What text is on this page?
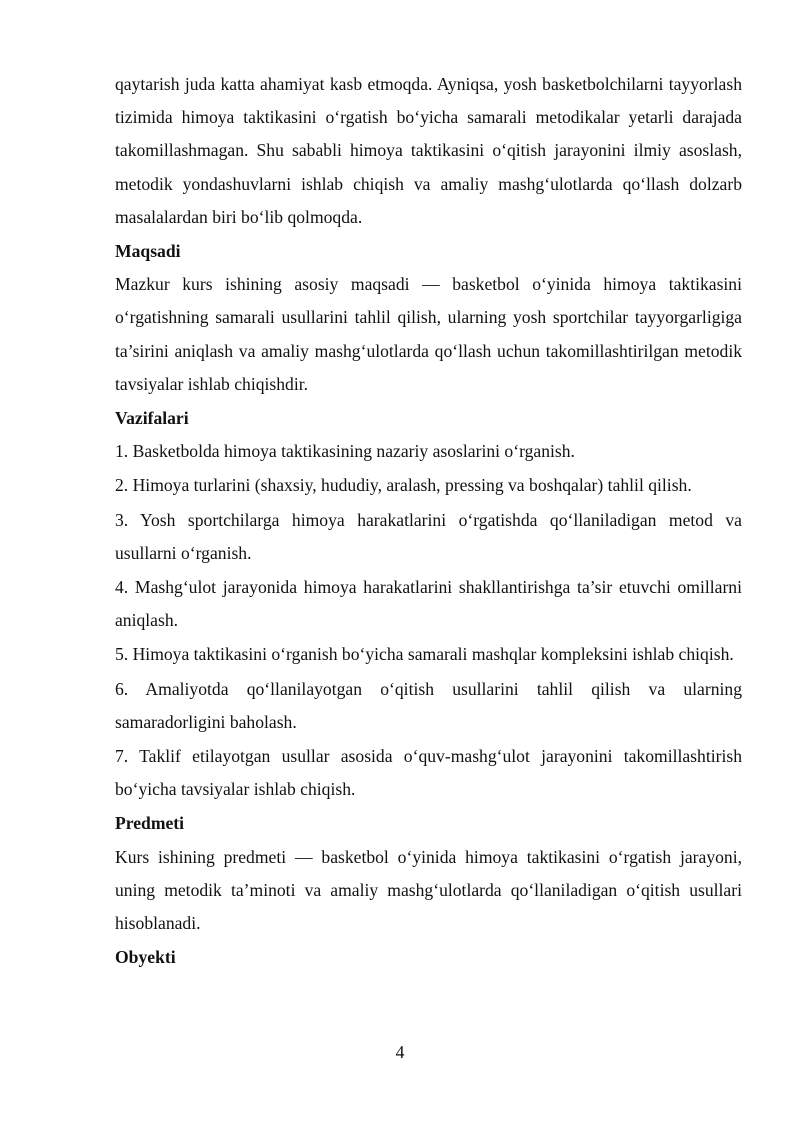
qaytarish juda katta ahamiyat kasb etmoqda. Ayniqsa, yosh basketbolchilarni tayyorlash tizimida himoya taktikasini o‘rgatish bo‘yicha samarali metodikalar yetarli darajada takomillashmagan. Shu sababli himoya taktikasini o‘qitish jarayonini ilmiy asoslash, metodik yondashuvlarni ishlab chiqish va amaliy mashg‘ulotlarda qo‘llash dolzarb masalalardan biri bo‘lib qolmoqda.

Maqsadi

Mazkur kurs ishining asosiy maqsadi — basketbol o‘yinida himoya taktikasini o‘rgatishning samarali usullarini tahlil qilish, ularning yosh sportchilar tayyorgarligiga ta’sirini aniqlash va amaliy mashg‘ulotlarda qo‘llash uchun takomillashtirilgan metodik tavsiyalar ishlab chiqishdir.

Vazifalari

1. Basketbolda himoya taktikasining nazariy asoslarini o‘rganish.

2. Himoya turlarini (shaxsiy, hududiy, aralash, pressing va boshqalar) tahlil qilish.

3. Yosh sportchilarga himoya harakatlarini o‘rgatishda qo‘llaniladigan metod va usullarni o‘rganish.

4. Mashg‘ulot jarayonida himoya harakatlarini shakllantirishga ta’sir etuvchi omillarni aniqlash.

5. Himoya taktikasini o‘rganish bo‘yicha samarali mashqlar kompleksini ishlab chiqish.

6. Amaliyotda qo‘llanilayotgan o‘qitish usullarini tahlil qilish va ularning samaradorligini baholash.

7. Taklif etilayotgan usullar asosida o‘quv-mashg‘ulot jarayonini takomillashtirish bo‘yicha tavsiyalar ishlab chiqish.

Predmeti

Kurs ishining predmeti — basketbol o‘yinida himoya taktikasini o‘rgatish jarayoni, uning metodik ta’minoti va amaliy mashg‘ulotlarda qo‘llaniladigan o‘qitish usullari hisoblanadi.

Obyekti
4
